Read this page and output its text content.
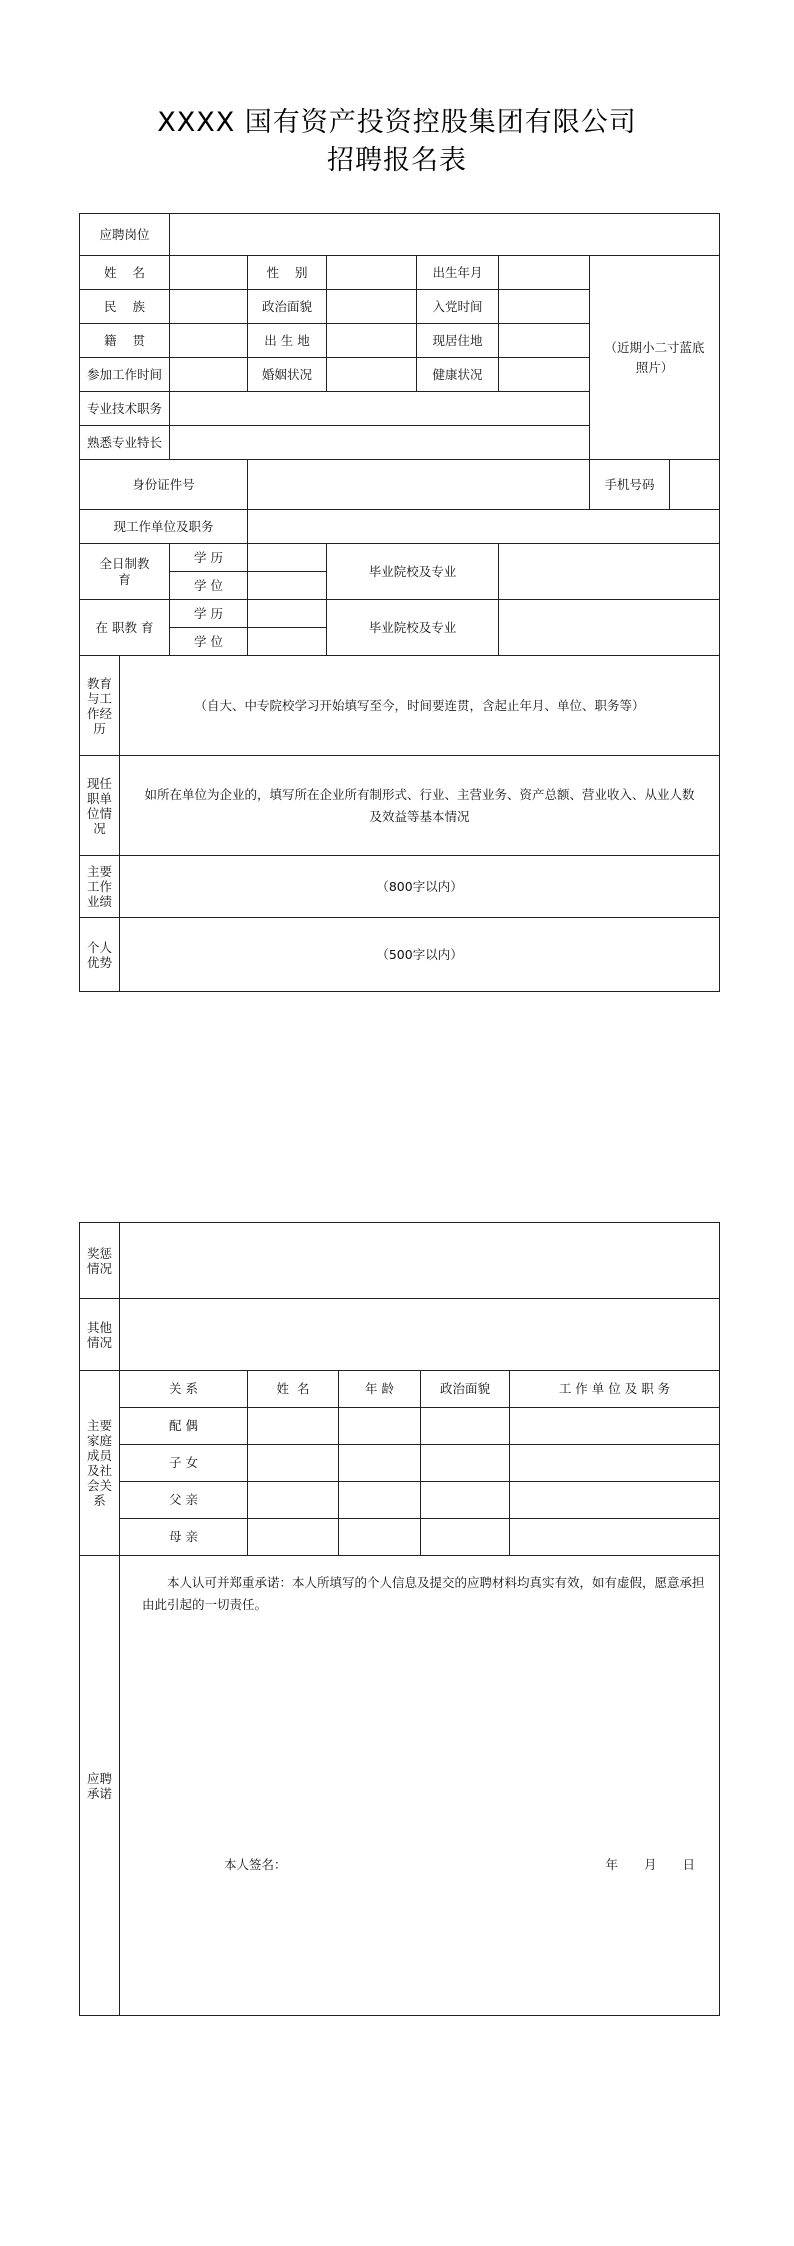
XXXX 国有资产投资控股集团有限公司
招聘报名表
应聘岗位								
姓    名			性    别		出生年月		（近期小二寸蓝底照片）	

民    族			政治面貌		入党时间			
籍    贯			出 生 地		现居住地			
参加工作时间			婚姻状况		健康状况			
专业技术职务								
熟悉专业特长								
身份证件号							手机号码	
现工作单位及职务								
全日制教 育		学 历		毕业院校及专业				
		学 位						
在 职教 育		学 历		毕业院校及专业				
		学 位						
教育与工作经历	（自大、中专院校学习开始填写至今，时间要连贯，含起止年月、单位、职务等）							
现任职单位情况	如所在单位为企业的，填写所在企业所有制形式、行业、主营业务、资产总额、营业收入、从业人数及效益等基本情况							
主要工作业绩	（800字以内）							
个人优势	（500字以内）							
奖惩情况					
其他情况					
主要家庭成员及社会关系	关 系	姓  名	年 龄	政治面貌	工 作 单 位 及 职 务
	配 偶				
	子 女				
	父 亲				
	母 亲				
应聘承诺	本人认可并郑重承诺：本人所填写的个人信息及提交的应聘材料均真实有效，如有虚假，愿意承担由此引起的一切责任。
本人签名： 年 月 日				
